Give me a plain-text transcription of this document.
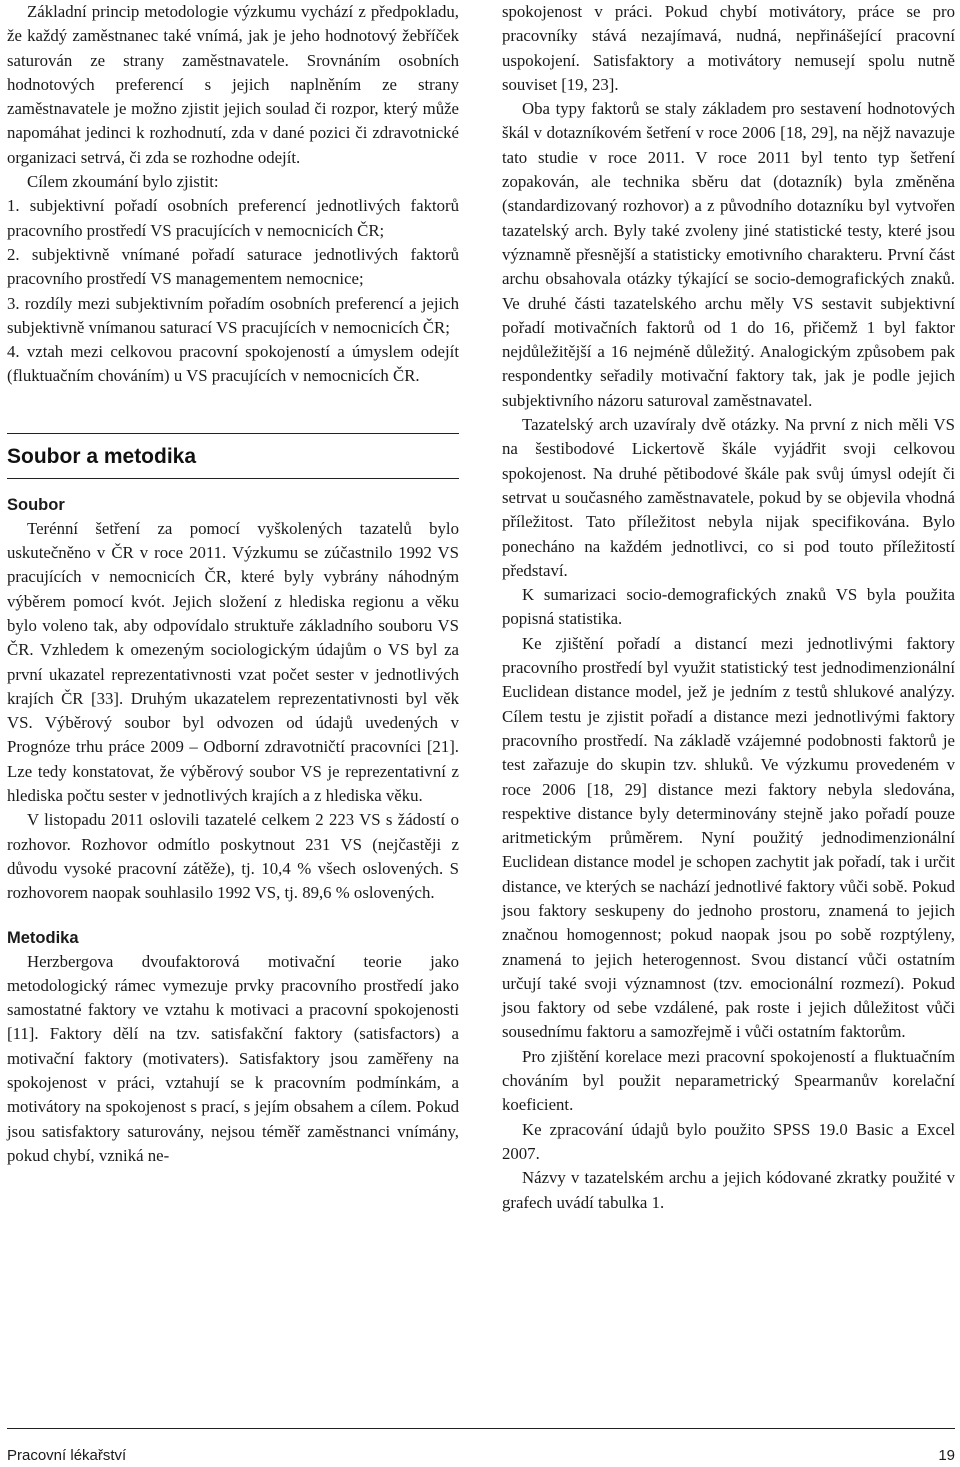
Základní princip metodologie výzkumu vychází z předpokladu, že každý zaměstnanec také vnímá, jak je jeho hodnotový žebříček saturován ze strany zaměstnavatele. Srovnáním osobních hodnotových preferencí s jejich naplněním ze strany zaměstnavatele je možno zjistit jejich soulad či rozpor, který může napomáhat jedinci k rozhodnutí, zda v dané pozici či zdravotnické organizaci setrvá, či zda se rozhodne odejít.

Cílem zkoumání bylo zjistit:

1. subjektivní pořadí osobních preferencí jednotlivých faktorů pracovního prostředí VS pracujících v nemocnicích ČR;

2. subjektivně vnímané pořadí saturace jednotlivých faktorů pracovního prostředí VS managementem nemocnice;

3. rozdíly mezi subjektivním pořadím osobních preferencí a jejich subjektivně vnímanou saturací VS pracujících v nemocnicích ČR;

4. vztah mezi celkovou pracovní spokojeností a úmyslem odejít (fluktuačním chováním) u VS pracujících v nemocnicích ČR.

Soubor a metodika
Soubor

Terénní šetření za pomocí vyškolených tazatelů bylo uskutečněno v ČR v roce 2011. Výzkumu se zúčastnilo 1992 VS pracujících v nemocnicích ČR, které byly vybrány náhodným výběrem pomocí kvót. Jejich složení z hlediska regionu a věku bylo voleno tak, aby odpovídalo struktuře základního souboru VS ČR. Vzhledem k omezeným sociologickým údajům o VS byl za první ukazatel reprezentativnosti vzat počet sester v jednotlivých krajích ČR [33]. Druhým ukazatelem reprezentativnosti byl věk VS. Výběrový soubor byl odvozen od údajů uvedených v Prognóze trhu práce 2009 – Odborní zdravotničtí pracovníci [21]. Lze tedy konstatovat, že výběrový soubor VS je reprezentativní z hlediska počtu sester v jednotlivých krajích a z hlediska věku.

V listopadu 2011 oslovili tazatelé celkem 2 223 VS s žádostí o rozhovor. Rozhovor odmítlo poskytnout 231 VS (nejčastěji z důvodu vysoké pracovní zátěže), tj. 10,4 % všech oslovených. S rozhovorem naopak souhlasilo 1992 VS, tj. 89,6 % oslovených.

Metodika

Herzbergova dvoufaktorová motivační teorie jako metodologický rámec vymezuje prvky pracovního prostředí jako samostatné faktory ve vztahu k motivaci a pracovní spokojenosti [11]. Faktory dělí na tzv. satisfakční faktory (satisfactors) a motivační faktory (motivaters). Satisfaktory jsou zaměřeny na spokojenost v práci, vztahují se k pracovním podmínkám, a motivátory na spokojenost s prací, s jejím obsahem a cílem. Pokud jsou satisfaktory saturovány, nejsou téměř zaměstnanci vnímány, pokud chybí, vzniká ne-

spokojenost v práci. Pokud chybí motivátory, práce se pro pracovníky stává nezajímavá, nudná, nepřinášející pracovní uspokojení. Satisfaktory a motivátory nemusejí spolu nutně souviset [19, 23].

Oba typy faktorů se staly základem pro sestavení hodnotových škál v dotazníkovém šetření v roce 2006 [18, 29], na nějž navazuje tato studie v roce 2011. V roce 2011 byl tento typ šetření zopakován, ale technika sběru dat (dotazník) byla změněna (standardizovaný rozhovor) a z původního dotazníku byl vytvořen tazatelský arch. Byly také zvoleny jiné statistické testy, které jsou významně přesnější a statisticky emotivního charakteru. První část archu obsahovala otázky týkající se socio-demografických znaků. Ve druhé části tazatelského archu měly VS sestavit subjektivní pořadí motivačních faktorů od 1 do 16, přičemž 1 byl faktor nejdůležitější a 16 nejméně důležitý. Analogickým způsobem pak respondentky seřadily motivační faktory tak, jak je podle jejich subjektivního názoru saturoval zaměstnavatel.

Tazatelský arch uzavíraly dvě otázky. Na první z nich měli VS na šestibodové Lickertově škále vyjádřit svoji celkovou spokojenost. Na druhé pětibodové škále pak svůj úmysl odejít či setrvat u současného zaměstnavatele, pokud by se objevila vhodná příležitost. Tato příležitost nebyla nijak specifikována. Bylo ponecháno na každém jednotlivci, co si pod touto příležitostí představí.

K sumarizaci socio-demografických znaků VS byla použita popisná statistika.

Ke zjištění pořadí a distancí mezi jednotlivými faktory pracovního prostředí byl využit statistický test jednodimenzionální Euclidean distance model, jež je jedním z testů shlukové analýzy. Cílem testu je zjistit pořadí a distance mezi jednotlivými faktory pracovního prostředí. Na základě vzájemné podobnosti faktorů je test zařazuje do skupin tzv. shluků. Ve výzkumu provedeném v roce 2006 [18, 29] distance mezi faktory nebyla sledována, respektive distance byly determinovány stejně jako pořadí pouze aritmetickým průměrem. Nyní použitý jednodimenzionální Euclidean distance model je schopen zachytit jak pořadí, tak i určit distance, ve kterých se nachází jednotlivé faktory vůči sobě. Pokud jsou faktory seskupeny do jednoho prostoru, znamená to jejich značnou homogennost; pokud naopak jsou po sobě rozptýleny, znamená to jejich heterogennost. Svou distancí vůči ostatním určují také svoji významnost (tzv. emocionální rozmezí). Pokud jsou faktory od sebe vzdálené, pak roste i jejich důležitost vůči sousednímu faktoru a samozřejmě i vůči ostatním faktorům.

Pro zjištění korelace mezi pracovní spokojeností a fluktuačním chováním byl použit neparametrický Spearmanův korelační koeficient.

Ke zpracování údajů bylo použito SPSS 19.0 Basic a Excel 2007.

Názvy v tazatelském archu a jejich kódované zkratky použité v grafech uvádí tabulka 1.

Pracovní lékařství	19
